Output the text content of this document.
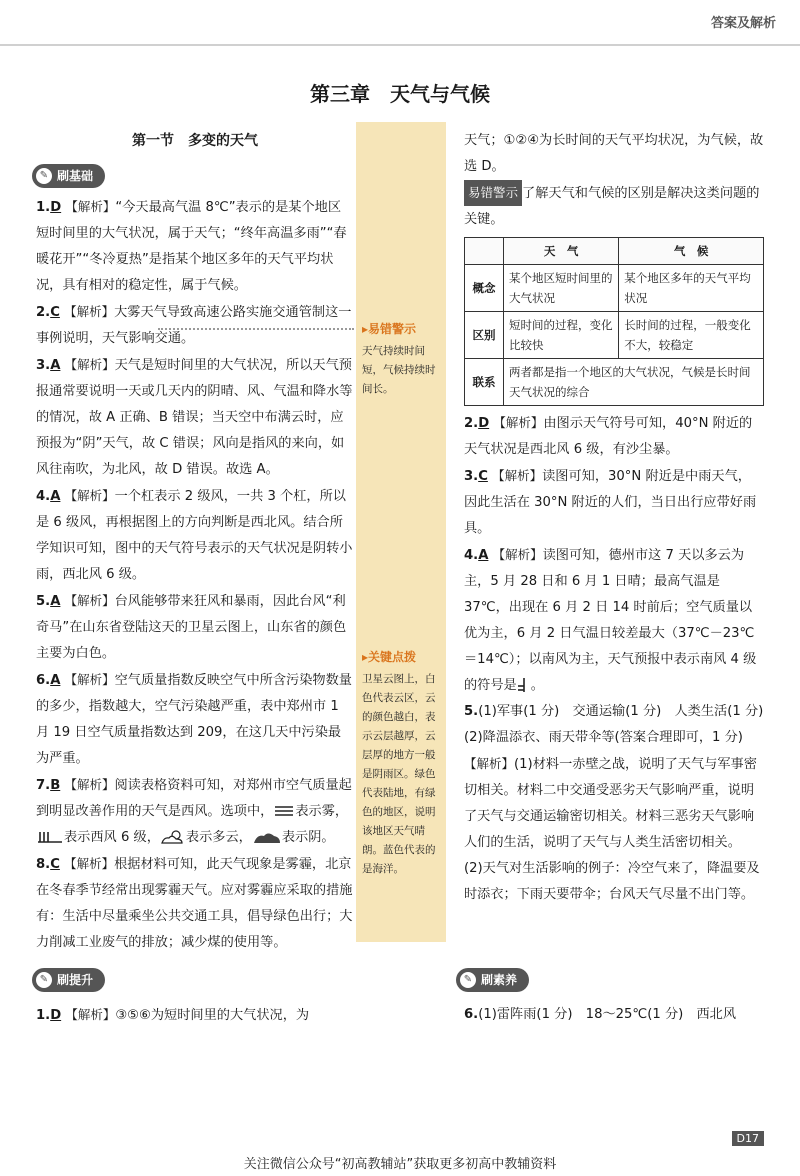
答案及解析
第三章　天气与气候
▸易错警示
天气持续时间短，气候持续时间长。
▸关键点拨
卫星云图上，白色代表云区，云的颜色越白，表示云层越厚，云层厚的地方一般是阴雨区。绿色代表陆地，有绿色的地区，说明该地区天气晴朗。蓝色代表的是海洋。

第一节　多变的天气

✎ 刷基础

1.D 【解析】“今天最高气温 8℃”表示的是某个地区短时间里的大气状况，属于天气；“终年高温多雨”“春暖花开”“冬冷夏热”是指某个地区多年的天气平均状况，具有相对的稳定性，属于气候。

2.C 【解析】大雾天气导致高速公路实施交通管制这一事例说明，天气影响交通。

3.A 【解析】天气是短时间里的大气状况，所以天气预报通常要说明一天或几天内的阴晴、风、气温和降水等的情况，故 A 正确、B 错误；当天空中布满云时，应预报为“阴”天气，故 C 错误；风向是指风的来向，如风往南吹，为北风，故 D 错误。故选 A。

4.A 【解析】一个杠表示 2 级风，一共 3 个杠，所以是 6 级风，再根据图上的方向判断是西北风。结合所学知识可知，图中的天气符号表示的天气状况是阴转小雨，西北风 6 级。

5.A 【解析】台风能够带来狂风和暴雨，因此台风“利奇马”在山东省登陆这天的卫星云图上，山东省的颜色主要为白色。

6.A 【解析】空气质量指数反映空气中所含污染物数量的多少，指数越大，空气污染越严重，表中郑州市 1 月 19 日空气质量指数达到 209，在这几天中污染最为严重。

7.B 【解析】阅读表格资料可知，对郑州市空气质量起到明显改善作用的天气是西风。选项中， 表示雾，表示西风 6 级， 表示多云， 表示阴。

8.C 【解析】根据材料可知，此天气现象是雾霾，北京在冬春季节经常出现雾霾天气。应对雾霾应采取的措施有：生活中尽量乘坐公共交通工具，倡导绿色出行；大力削减工业废气的排放；减少煤的使用等。

✎ 刷提升

1.D 【解析】③⑤⑥为短时间里的大气状况，为

天气；①②④为长时间的天气平均状况，为气候，故选 D。

易错警示 了解天气和气候的区别是解决这类问题的关键。

	天　气	气　候
概念	某个地区短时间里的大气状况	某个地区多年的天气平均状况
区别	短时间的过程，变化比较快	长时间的过程，一般变化不大，较稳定
联系	两者都是指一个地区的大气状况，气候是长时间天气状况的综合	

2.D 【解析】由图示天气符号可知，40°N 附近的天气状况是西北风 6 级，有沙尘暴。

3.C 【解析】读图可知，30°N 附近是中雨天气，因此生活在 30°N 附近的人们，当日出行应带好雨具。

4.A 【解析】读图可知，德州市这 7 天以多云为主，5 月 28 日和 6 月 1 日晴；最高气温是 37℃，出现在 6 月 2 日 14 时前后；空气质量以优为主，6 月 2 日气温日较差最大（37℃－23℃＝14℃）；以南风为主，天气预报中表示南风 4 级的符号是 。

5.(1)军事(1 分)　交通运输(1 分)　人类生活(1 分)

(2)降温添衣、雨天带伞等(答案合理即可，1 分)

【解析】(1)材料一赤壁之战，说明了天气与军事密切相关。材料二中交通受恶劣天气影响严重，说明了天气与交通运输密切相关。材料三恶劣天气影响人们的生活，说明了天气与人类生活密切相关。

(2)天气对生活影响的例子：冷空气来了，降温要及时添衣；下雨天要带伞；台风天气尽量不出门等。

✎ 刷素养

6.(1)雷阵雨(1 分)　18～25℃(1 分)　西北风

D17
关注微信公众号“初高教辅站”获取更多初高中教辅资料
